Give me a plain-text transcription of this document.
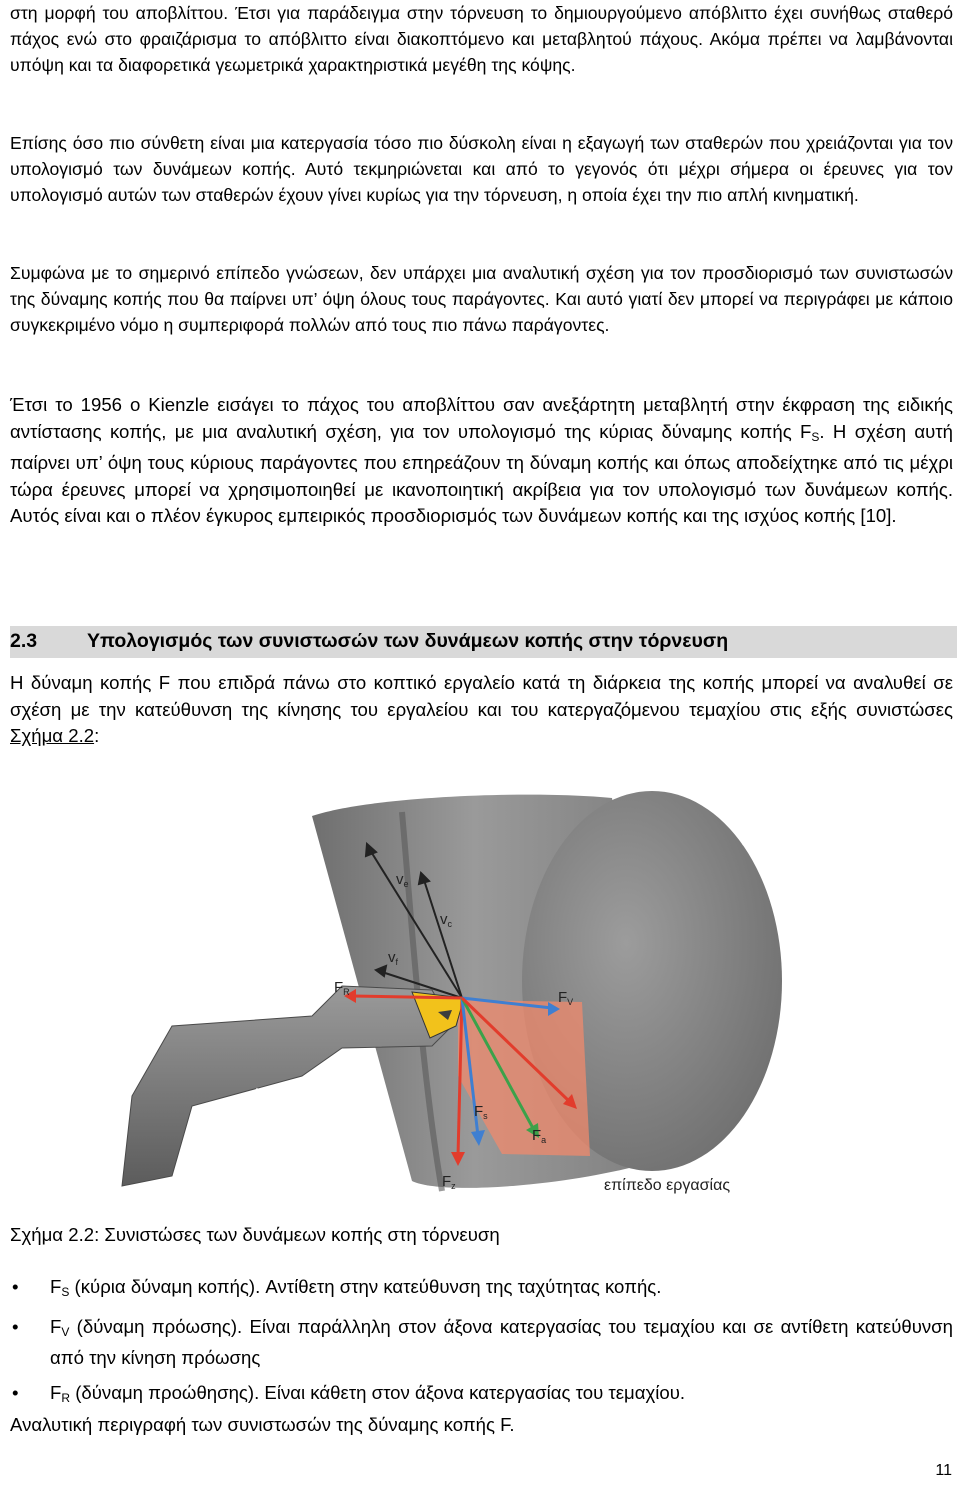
στη μορφή του αποβλίττου. Έτσι για παράδειγμα στην τόρνευση το δημιουργούμενο απόβλιττο έχει συνήθως σταθερό πάχος ενώ στο φραιζάρισμα το απόβλιττο είναι διακοπτόμενο και μεταβλητού πάχους. Ακόμα πρέπει να λαμβάνονται υπόψη και τα διαφορετικά γεωμετρικά χαρακτηριστικά μεγέθη της κόψης.

Επίσης όσο πιο σύνθετη είναι μια κατεργασία τόσο πιο δύσκολη είναι η εξαγωγή των σταθερών που χρειάζονται για τον υπολογισμό των δυνάμεων κοπής. Αυτό τεκμηριώνεται και από το γεγονός ότι μέχρι σήμερα οι έρευνες για τον υπολογισμό αυτών των σταθερών έχουν γίνει κυρίως για την τόρνευση, η οποία έχει την πιο απλή κινηματική.

Συμφώνα με το σημερινό επίπεδο γνώσεων, δεν υπάρχει μια αναλυτική σχέση για τον προσδιορισμό των συνιστωσών της δύναμης κοπής που θα παίρνει υπ’ όψη όλους τους παράγοντες. Και αυτό γιατί δεν μπορεί να περιγράφει με κάποιο συγκεκριμένο νόμο η συμπεριφορά πολλών από τους πιο πάνω παράγοντες.

Έτσι το 1956 ο Kienzle εισάγει το πάχος του αποβλίττου σαν ανεξάρτητη μεταβλητή στην έκφραση της ειδικής αντίστασης κοπής, με μια αναλυτική σχέση, για τον υπολογισμό της κύριας δύναμης κοπής $F_S$. Η σχέση αυτή παίρνει υπ’ όψη τους κύριους παράγοντες που επηρεάζουν τη δύναμη κοπής και όπως αποδείχτηκε από τις μέχρι τώρα έρευνες μπορεί να χρησιμοποιηθεί με ικανοποιητική ακρίβεια για τον υπολογισμό των δυνάμεων κοπής. Αυτός είναι και ο πλέον έγκυρος εμπειρικός προσδιορισμός των δυνάμεων κοπής και της ισχύος κοπής [10].

2.3	Υπολογισμός των συνιστωσών των δυνάμεων κοπής στην τόρνευση

Η δύναμη κοπής F που επιδρά πάνω στο κοπτικό εργαλείο κατά τη διάρκεια της κοπής μπορεί να αναλυθεί σε σχέση με την κατεύθυνση της κίνησης του εργαλείου και του κατεργαζόμενου τεμαχίου στις εξής συνιστώσες Σχήμα 2.2:

τεμάχιο
κοπτικό
εργαλείο
επίπεδο εργασίας
$v_e$
$v_c$
$v_f$
$F_R$	$F_V$
$F_s$
$F_a$
$F_z$

Σχήμα 2.2: Συνιστώσες των δυνάμεων κοπής στη τόρνευση

• $F_S$ (κύρια δύναμη κοπής). Αντίθετη στην κατεύθυνση της ταχύτητας κοπής.
• $F_V$ (δύναμη πρόωσης). Είναι παράλληλη στον άξονα κατεργασίας του τεμαχίου και σε αντίθετη κατεύθυνση από την κίνηση πρόωσης
• $F_R$ (δύναμη προώθησης). Είναι κάθετη στον άξονα κατεργασίας του τεμαχίου.

Αναλυτική περιγραφή των συνιστωσών της δύναμης κοπής F.

11
